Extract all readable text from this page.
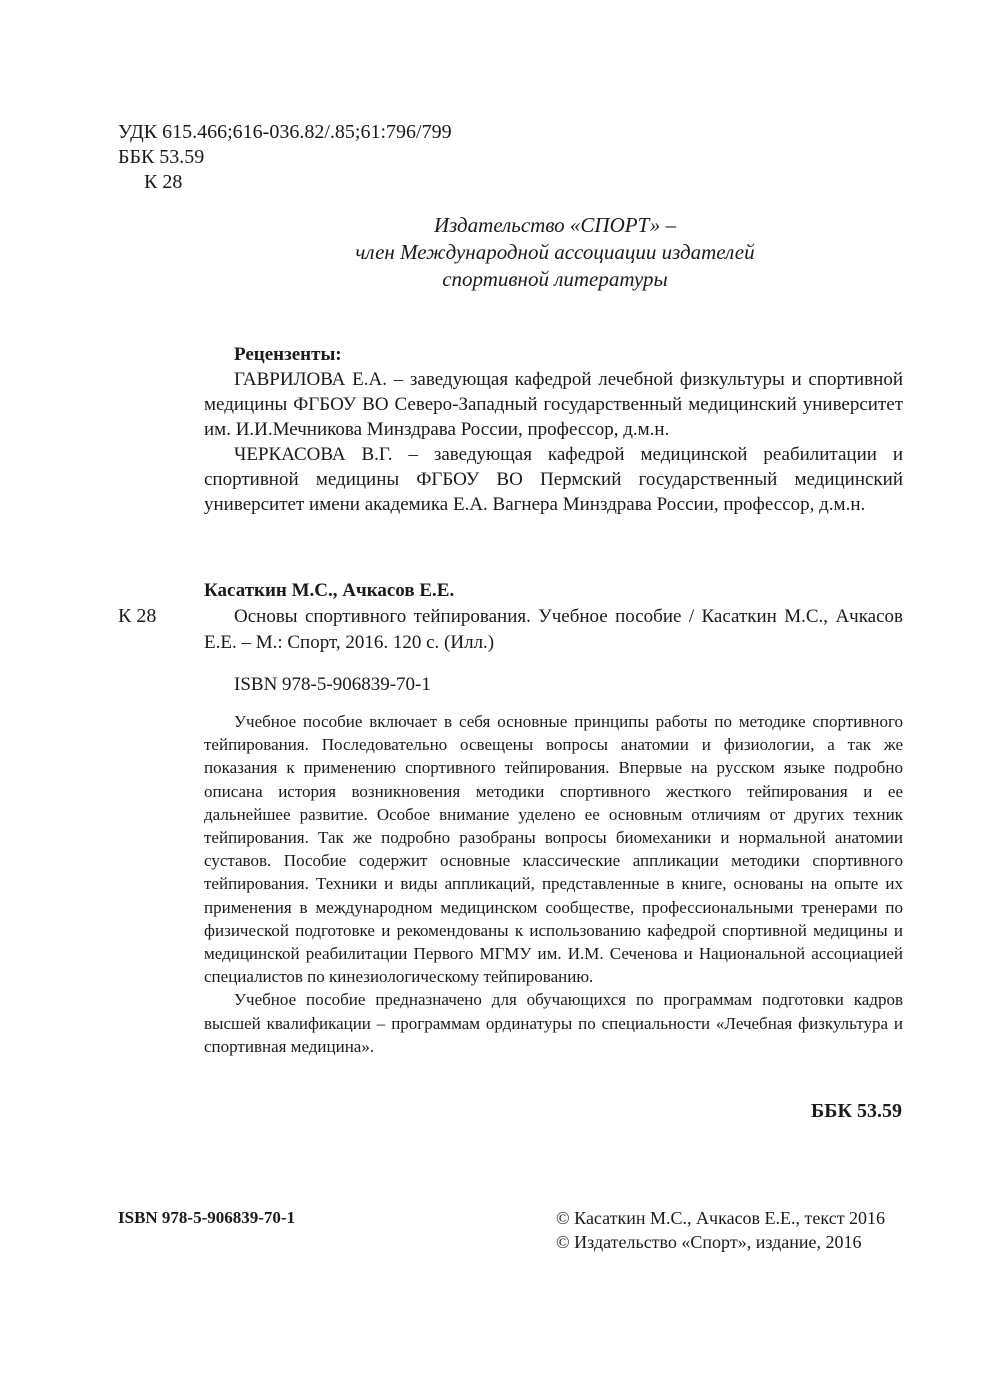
УДК 615.466;616-036.82/.85;61:796/799
ББК 53.59
К 28
Издательство «СПОРТ» –
член Международной ассоциации издателей
спортивной литературы
Рецензенты:

ГАВРИЛОВА Е.А. – заведующая кафедрой лечебной физкультуры и спортивной медицины ФГБОУ ВО Северо-Западный государственный медицинский университет им. И.И.Мечникова Минздрава России, профессор, д.м.н.

ЧЕРКАСОВА В.Г. – заведующая кафедрой медицинской реабилитации и спортивной медицины ФГБОУ ВО Пермский государственный медицинский университет имени академика Е.А. Вагнера Минздрава России, профессор, д.м.н.

К 28
Касаткин М.С., Ачкасов Е.Е.

Основы спортивного тейпирования. Учебное пособие / Касаткин М.С., Ачкасов Е.Е. – М.: Спорт, 2016. 120 с. (Илл.)

ISBN 978-5-906839-70-1

Учебное пособие включает в себя основные принципы работы по методике спортивного тейпирования. Последовательно освещены вопросы анатомии и физиологии, а так же показания к применению спортивного тейпирования. Впервые на русском языке подробно описана история возникновения методики спортивного жесткого тейпирования и ее дальнейшее развитие. Особое внимание уделено ее основным отличиям от других техник тейпирования. Так же подробно разобраны вопросы биомеханики и нормальной анатомии суставов. Пособие содержит основные классические аппликации методики спортивного тейпирования. Техники и виды аппликаций, представленные в книге, основаны на опыте их применения в международном медицинском сообществе, профессиональными тренерами по физической подготовке и рекомендованы к использованию кафедрой спортивной медицины и медицинской реабилитации Первого МГМУ им. И.М. Сеченова и Национальной ассоциацией специалистов по кинезиологическому тейпированию.

Учебное пособие предназначено для обучающихся по программам подготовки кадров высшей квалификации – программам ординатуры по специальности «Лечебная физкультура и спортивная медицина».

ББК 53.59
ISBN 978-5-906839-70-1	© Касаткин М.С., Ачкасов Е.Е., текст 2016
© Издательство «Спорт», издание, 2016
